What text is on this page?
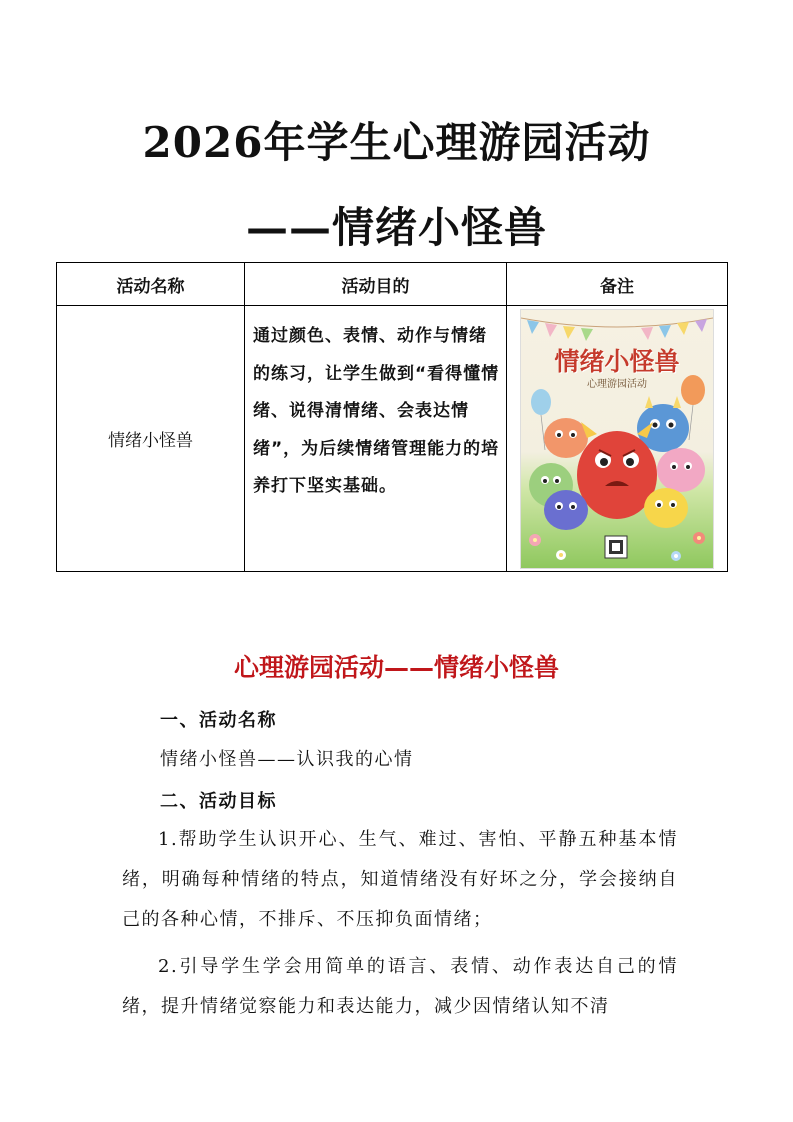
2026年学生心理游园活动
——情绪小怪兽
活动名称	活动目的	备注
情绪小怪兽	通过颜色、表情、动作与情绪的练习，让学生做到“看得懂情绪、说得清情绪、会表达情绪”，为后续情绪管理能力的培养打下坚实基础。	情绪小怪兽
心理游园活动
心理游园活动——情绪小怪兽
一、活动名称
情绪小怪兽——认识我的心情
二、活动目标
1.帮助学生认识开心、生气、难过、害怕、平静五种基本情绪，明确每种情绪的特点，知道情绪没有好坏之分，学会接纳自己的各种心情，不排斥、不压抑负面情绪；
2.引导学生学会用简单的语言、表情、动作表达自己的情绪，提升情绪觉察能力和表达能力，减少因情绪认知不清
